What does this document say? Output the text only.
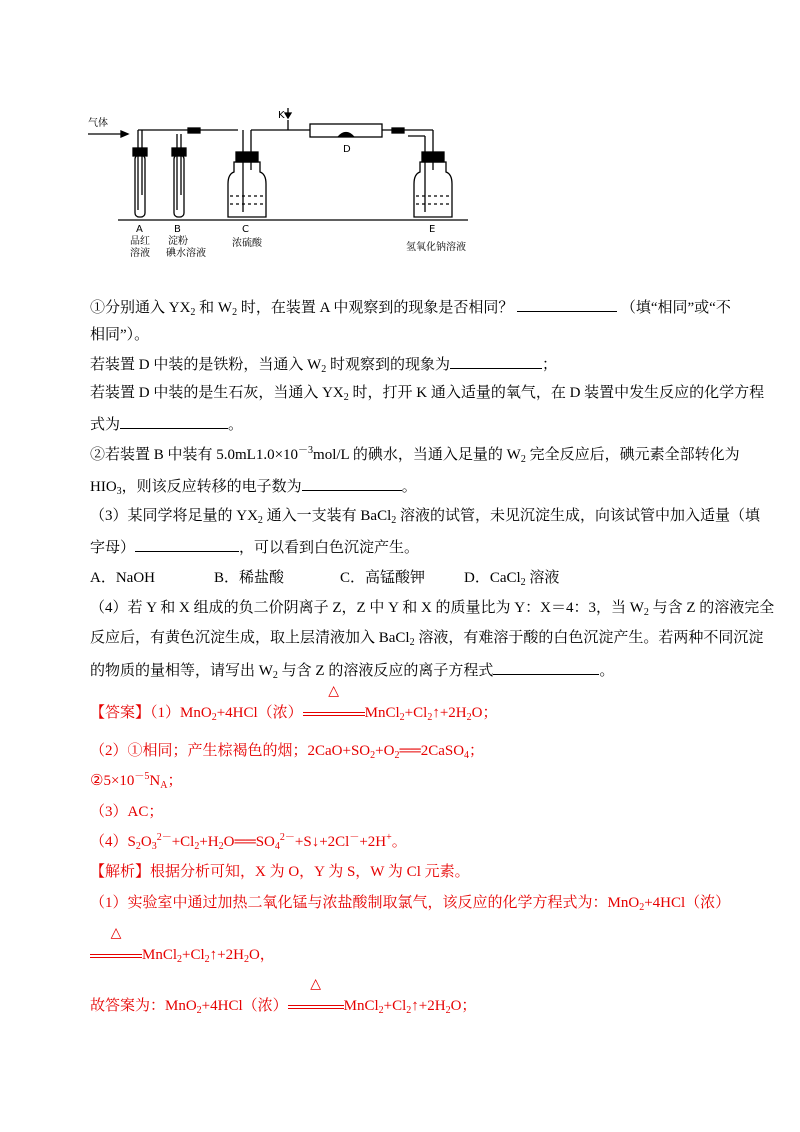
气体
K
D
A
品红
溶液
B
淀粉
碘水溶液
C
浓硫酸
E
氢氧化钠溶液
①分别通入 $YX_2$ 和 $W_2$ 时，在装置 A 中观察到的现象是否相同？	（填“相同”或“不
相同”）。
若装置 D 中装的是铁粉，当通入 $W_2$ 时观察到的现象为	；
若装置 D 中装的是生石灰，当通入 $YX_2$ 时，打开 K 通入适量的氧气，在 D 装置中发生反应的化学方程
式为	。
②若装置 B 中装有 $5.0mL1.0\times 10^{-3}mol/L$ 的碘水，当通入足量的 $W_2$ 完全反应后，碘元素全部转化为
$HIO_3$，则该反应转移的电子数为	。
（3）某同学将足量的 $YX_2$ 通入一支装有 BaCl$_2$ 溶液的试管，未见沉淀生成，向该试管中加入适量（填
字母）	，可以看到白色沉淀产生。
A．NaOH	B．稀盐酸	C．高锰酸钾	D．CaCl$_2$ 溶液
（4）若 Y 和 X 组成的负二价阴离子 Z，Z 中 Y 和 X 的质量比为 Y：X＝4：3，当 $W_2$ 与含 Z 的溶液完全
反应后，有黄色沉淀生成，取上层清液加入 BaCl$_2$ 溶液，有难溶于酸的白色沉淀产生。若两种不同沉淀
的物质的量相等，请写出 $W_2$ 与含 Z 的溶液反应的离子方程式	。
【答案】（1）MnO$_2$+4HCl（浓）
△
$MnCl_2+Cl_2↑+2H_2O$；
（2）①相同；产生棕褐色的烟；$2CaO+SO_2+O_2══2CaSO_4$；
$②5\times 10^{-5}N_A$；
（3）AC；
$(4)S_2O_3^{2-}+Cl_2+H_2O══SO_4^{2-}+S↓+2Cl^-+2H^+$。
【解析】根据分析可知，X 为 O，Y 为 S，W 为 Cl 元素。
（1）实验室中通过加热二氧化锰与浓盐酸制取氯气，该反应的化学方程式为：MnO$_2$+4HCl（浓）
△
$MnCl_2+Cl_2↑+2H_2O$，
故答案为：MnO$_2$+4HCl（浓）
△
$MnCl_2+Cl_2↑+2H_2O$；
